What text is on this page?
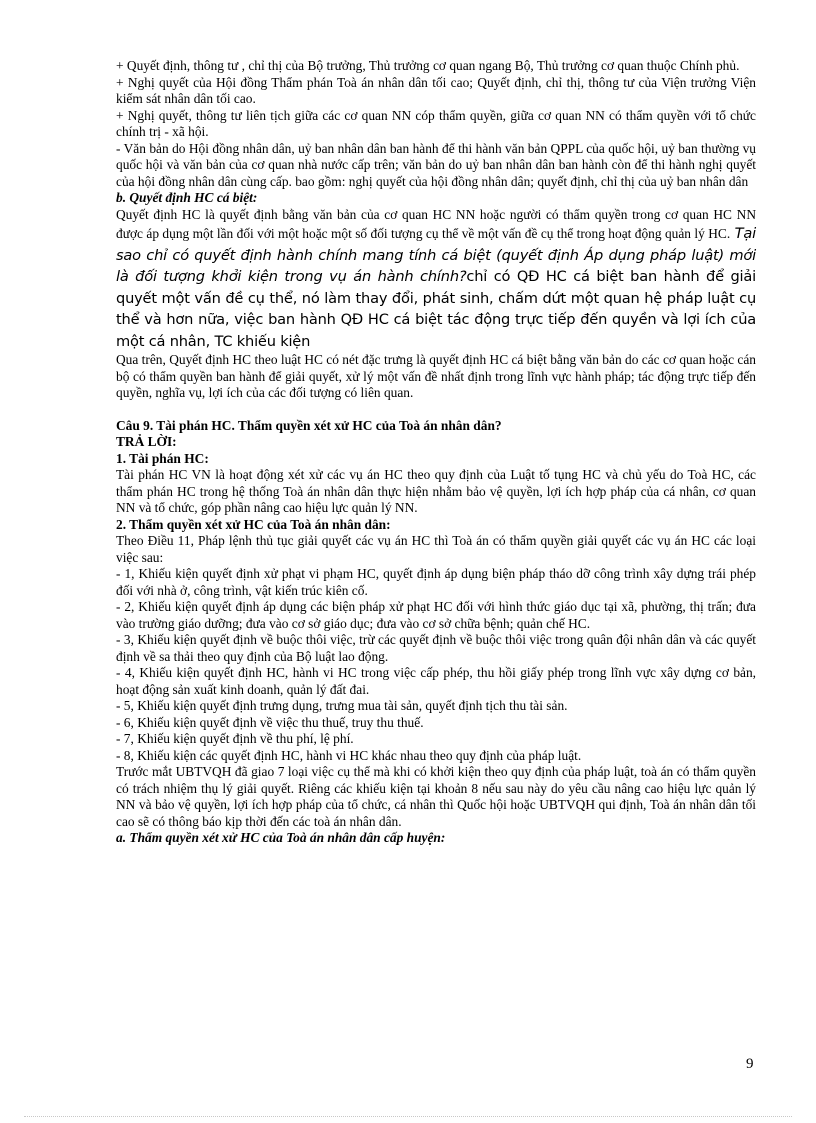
+ Quyết định, thông tư , chỉ thị của Bộ trưởng, Thủ trưởng cơ quan ngang Bộ, Thủ trưởng cơ quan thuộc Chính phủ.

+ Nghị quyết của Hội đồng Thẩm phán Toà án nhân dân tối cao; Quyết định, chỉ thị, thông tư của Viện trưởng Viện kiểm sát nhân dân tối cao.

+ Nghị quyết, thông tư liên tịch giữa các cơ quan NN cóp thẩm quyền, giữa cơ quan NN có thẩm quyền với tổ chức chính trị - xã hội.

- Văn bản do Hội đồng nhân dân, uỷ ban nhân dân ban hành để thi hành văn bản QPPL của quốc hội, uỷ ban thường vụ quốc hội và văn bản của cơ quan nhà nước cấp trên; văn bản do uỷ ban nhân dân ban hành còn để thi hành nghị quyết của hội đồng nhân dân cùng cấp. bao gồm: nghị quyết của hội đồng nhân dân; quyết định, chỉ thị của uỷ ban nhân dân

b. Quyết định HC cá biệt:

Quyết định HC là quyết định bằng văn bản của cơ quan HC NN hoặc người có thẩm quyền trong cơ quan HC NN được áp dụng một lần đối với một hoặc một số đối tượng cụ thể về một vấn đề cụ thể trong hoạt động quản lý HC. Tại sao chỉ có quyết định hành chính mang tính cá biệt (quyết định Áp dụng pháp luật) mới là đối tượng khởi kiện trong vụ án hành chính?chỉ có QĐ HC cá biệt ban hành để giải quyết một vấn đề cụ thể, nó làm thay đổi, phát sinh, chấm dứt một quan hệ pháp luật cụ thể và hơn nữa, việc ban hành QĐ HC cá biệt tác động trực tiếp đến quyền và lợi ích của một cá nhân, TC khiếu kiện

Qua trên, Quyết định HC theo luật HC có nét đặc trưng là quyết định HC cá biệt bằng văn bản do các cơ quan hoặc cán bộ có thẩm quyền ban hành để giải quyết, xử lý một vấn đề nhất định trong lĩnh vực hành pháp; tác động trực tiếp đến quyền, nghĩa vụ, lợi ích của các đối tượng có liên quan.

Câu 9. Tài phán HC. Thẩm quyền xét xử HC của Toà án nhân dân?

TRẢ LỜI:

1. Tài phán HC:

Tài phán HC VN là hoạt động xét xử các vụ án HC theo quy định của Luật tố tụng HC và chủ yếu do Toà HC, các thẩm phán HC trong hệ thống Toà án nhân dân thực hiện nhằm bảo vệ quyền, lợi ích hợp pháp của cá nhân, cơ quan NN và tổ chức, góp phần nâng cao hiệu lực quản lý NN.

2. Thẩm quyền xét xử HC của Toà án nhân dân:

Theo Điều 11, Pháp lệnh thủ tục giải quyết các vụ án HC thì Toà án có thẩm quyền giải quyết các vụ án HC các loại việc sau:

- 1, Khiếu kiện quyết định xử phạt vi phạm HC, quyết định áp dụng biện pháp tháo dỡ công trình xây dựng trái phép đối với nhà ở, công trình, vật kiến trúc kiên cố.

- 2, Khiếu kiện quyết định áp dụng các biện pháp xử phạt HC đối với hình thức giáo dục tại xã, phường, thị trấn; đưa vào trường giáo dưỡng; đưa vào cơ sở giáo dục; đưa vào cơ sở chữa bệnh; quản chế HC.

- 3, Khiếu kiện quyết định về buộc thôi việc, trừ các quyết định về buộc thôi việc trong quân đội nhân dân và các quyết định về sa thải theo quy định của Bộ luật lao động.

- 4, Khiếu kiện quyết định HC, hành vi HC trong việc cấp phép, thu hồi giấy phép trong lĩnh vực xây dựng cơ bản, hoạt động sản xuất kinh doanh, quản lý đất đai.

- 5, Khiếu kiện quyết định trưng dụng, trưng mua tài sản, quyết định tịch thu tài sản.

- 6, Khiếu kiện quyết định về việc thu thuế, truy thu thuế.

- 7, Khiếu kiện quyết định về thu phí, lệ phí.

- 8, Khiếu kiện các quyết định HC, hành vi HC khác nhau theo quy định của pháp luật.

Trước mắt UBTVQH đã giao 7 loại việc cụ thể mà khi có khởi kiện theo quy định của pháp luật, toà án có thẩm quyền có trách nhiệm thụ lý giải quyết. Riêng các khiếu kiện tại khoản 8 nếu sau này do yêu cầu nâng cao hiệu lực quản lý NN và bảo vệ quyền, lợi ích hợp pháp của tổ chức, cá nhân thì Quốc hội hoặc UBTVQH qui định, Toà án nhân dân tối cao sẽ có thông báo kịp thời đến các toà án nhân dân.

a. Thẩm quyền xét xử HC của Toà án nhân dân cấp huyện:

9
